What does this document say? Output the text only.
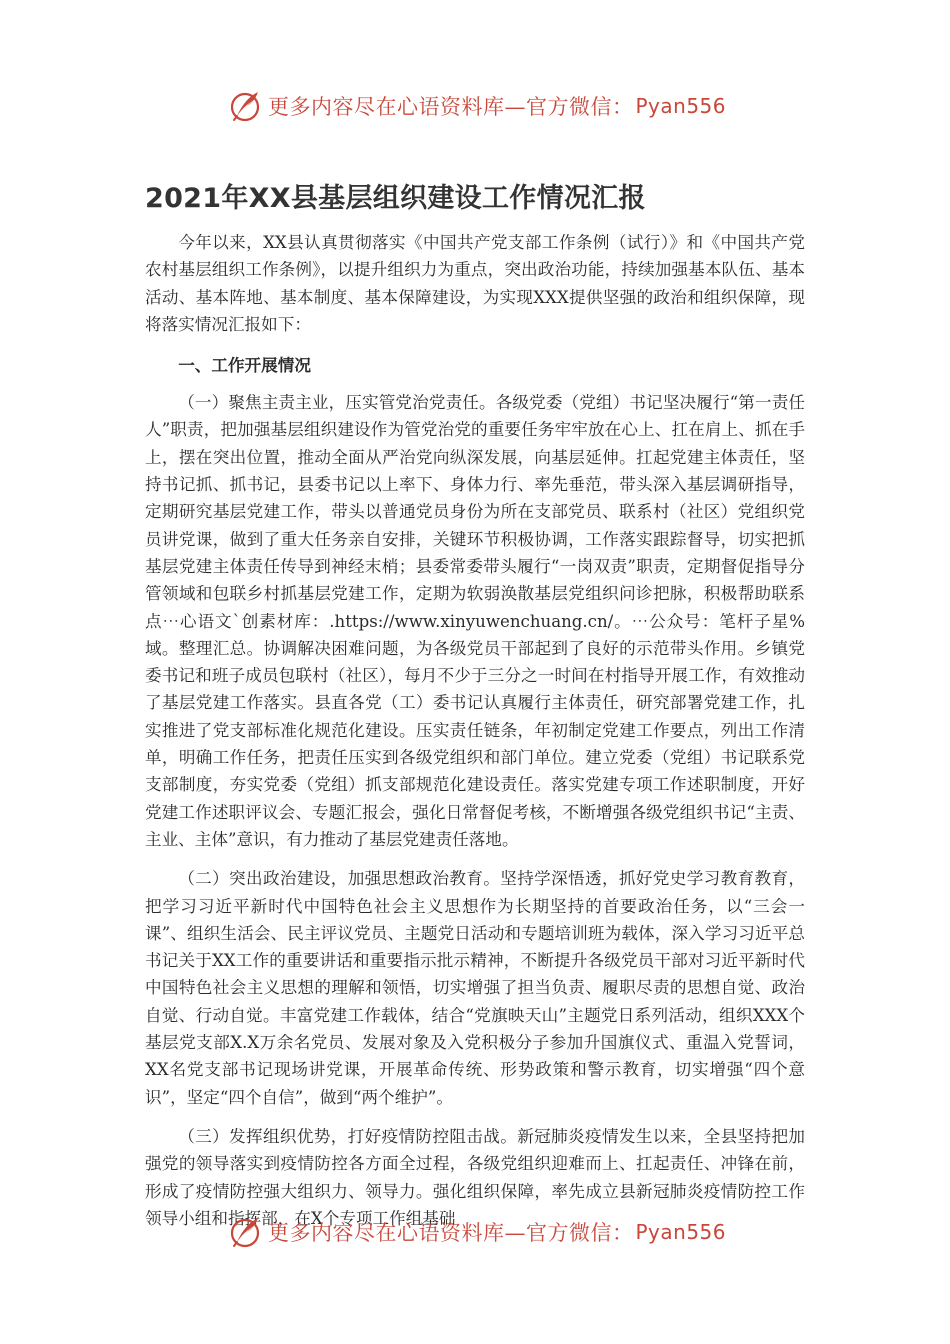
更多内容尽在心语资料库—官方微信： Pyan556
2021年XX县基层组织建设工作情况汇报

今年以来，XX县认真贯彻落实《中国共产党支部工作条例（试行）》和《中国共产党农村基层组织工作条例》，以提升组织力为重点，突出政治功能，持续加强基本队伍、基本活动、基本阵地、基本制度、基本保障建设，为实现XXX提供坚强的政治和组织保障，现将落实情况汇报如下：

一、工作开展情况

（一）聚焦主责主业，压实管党治党责任。各级党委（党组）书记坚决履行“第一责任人”职责，把加强基层组织建设作为管党治党的重要任务牢牢放在心上、扛在肩上、抓在手上，摆在突出位置，推动全面从严治党向纵深发展，向基层延伸。扛起党建主体责任，坚持书记抓、抓书记，县委书记以上率下、身体力行、率先垂范，带头深入基层调研指导，定期研究基层党建工作，带头以普通党员身份为所在支部党员、联系村（社区）党组织党员讲党课，做到了重大任务亲自安排，关键环节积极协调，工作落实跟踪督导，切实把抓基层党建主体责任传导到神经末梢；县委常委带头履行“一岗双责”职责，定期督促指导分管领域和包联乡村抓基层党建工作，定期为软弱涣散基层党组织问诊把脉，积极帮助联系点⋯心语文`创素材库：.https://www.xinyuwenchuang.cn/。⋯公众号：笔杆子星%域。整理汇总。协调解决困难问题，为各级党员干部起到了良好的示范带头作用。乡镇党委书记和班子成员包联村（社区），每月不少于三分之一时间在村指导开展工作，有效推动了基层党建工作落实。县直各党（工）委书记认真履行主体责任，研究部署党建工作，扎实推进了党支部标准化规范化建设。压实责任链条，年初制定党建工作要点，列出工作清单，明确工作任务，把责任压实到各级党组织和部门单位。建立党委（党组）书记联系党支部制度，夯实党委（党组）抓支部规范化建设责任。落实党建专项工作述职制度，开好党建工作述职评议会、专题汇报会，强化日常督促考核，不断增强各级党组织书记“主责、主业、主体”意识，有力推动了基层党建责任落地。

（二）突出政治建设，加强思想政治教育。坚持学深悟透，抓好党史学习教育教育，把学习习近平新时代中国特色社会主义思想作为长期坚持的首要政治任务，以“三会一课”、组织生活会、民主评议党员、主题党日活动和专题培训班为载体，深入学习习近平总书记关于XX工作的重要讲话和重要指示批示精神，不断提升各级党员干部对习近平新时代中国特色社会主义思想的理解和领悟，切实增强了担当负责、履职尽责的思想自觉、政治自觉、行动自觉。丰富党建工作载体，结合“党旗映天山”主题党日系列活动，组织XXX个基层党支部X.X万余名党员、发展对象及入党积极分子参加升国旗仪式、重温入党誓词，XX名党支部书记现场讲党课，开展革命传统、形势政策和警示教育，切实增强“四个意识”，坚定“四个自信”，做到“两个维护”。

（三）发挥组织优势，打好疫情防控阻击战。新冠肺炎疫情发生以来，全县坚持把加强党的领导落实到疫情防控各方面全过程，各级党组织迎难而上、扛起责任、冲锋在前，形成了疫情防控强大组织力、领导力。强化组织保障，率先成立县新冠肺炎疫情防控工作领导小组和指挥部，在X个专项工作组基础

更多内容尽在心语资料库—官方微信： Pyan556
